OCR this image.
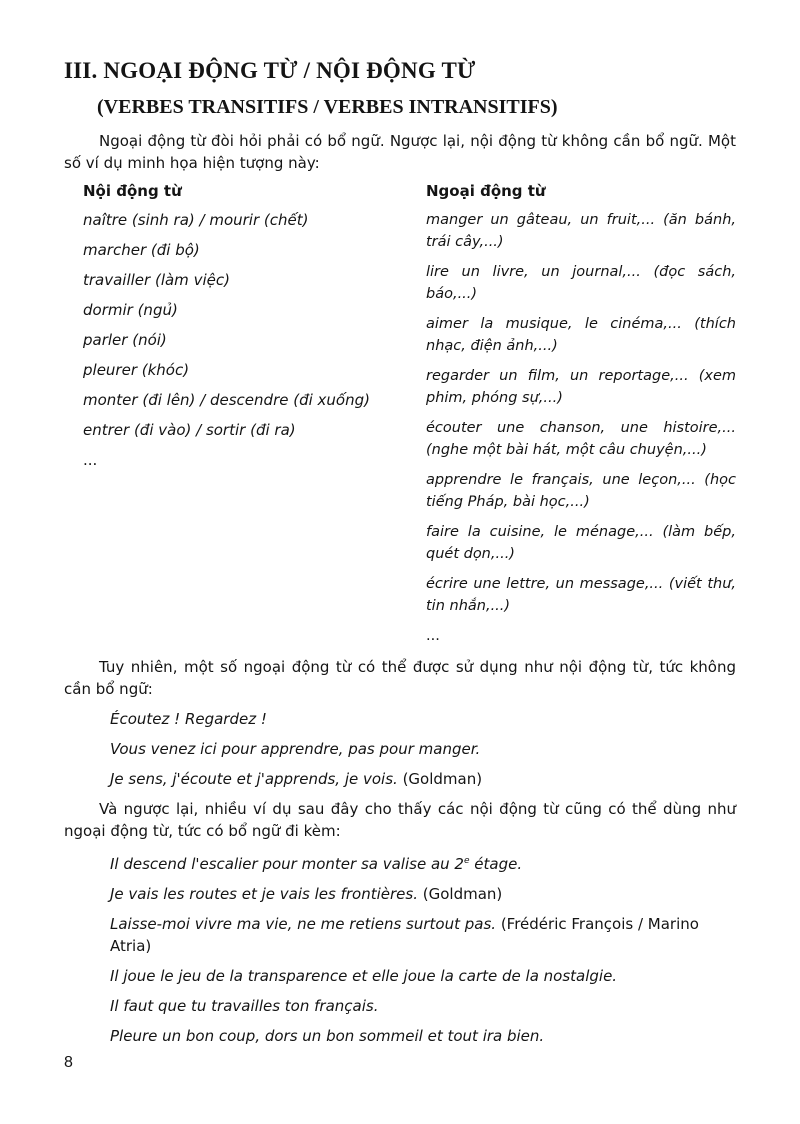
III. NGOẠI ĐỘNG TỪ / NỘI ĐỘNG TỪ
(VERBES TRANSITIFS / VERBES INTRANSITIFS)
Ngoại động từ đòi hỏi phải có bổ ngữ. Ngược lại, nội động từ không cần bổ ngữ. Một số ví dụ minh họa hiện tượng này:
Nội động từ
naître (sinh ra) / mourir (chết)
marcher (đi bộ)
travailler (làm việc)
dormir (ngủ)
parler (nói)
pleurer (khóc)
monter (đi lên) / descendre (đi xuống)
entrer (đi vào) / sortir (đi ra)
...
Ngoại động từ
manger un gâteau, un fruit,... (ăn bánh, trái cây,...)
lire un livre, un journal,... (đọc sách, báo,...)
aimer la musique, le cinéma,... (thích nhạc, điện ảnh,...)
regarder un film, un reportage,... (xem phim, phóng sự,...)
écouter une chanson, une histoire,... (nghe một bài hát, một câu chuyện,...)
apprendre le français, une leçon,... (học tiếng Pháp, bài học,...)
faire la cuisine, le ménage,... (làm bếp, quét dọn,...)
écrire une lettre, un message,... (viết thư, tin nhắn,...)
...
Tuy nhiên, một số ngoại động từ có thể được sử dụng như nội động từ, tức không cần bổ ngữ:
Écoutez ! Regardez !
Vous venez ici pour apprendre, pas pour manger.
Je sens, j'écoute et j'apprends, je vois. (Goldman)
Và ngược lại, nhiều ví dụ sau đây cho thấy các nội động từ cũng có thể dùng như ngoại động từ, tức có bổ ngữ đi kèm:
Il descend l'escalier pour monter sa valise au 2e étage.
Je vais les routes et je vais les frontières. (Goldman)
Laisse-moi vivre ma vie, ne me retiens surtout pas. (Frédéric François / Marino Atria)
Il joue le jeu de la transparence et elle joue la carte de la nostalgie.
Il faut que tu travailles ton français.
Pleure un bon coup, dors un bon sommeil et tout ira bien.
8
